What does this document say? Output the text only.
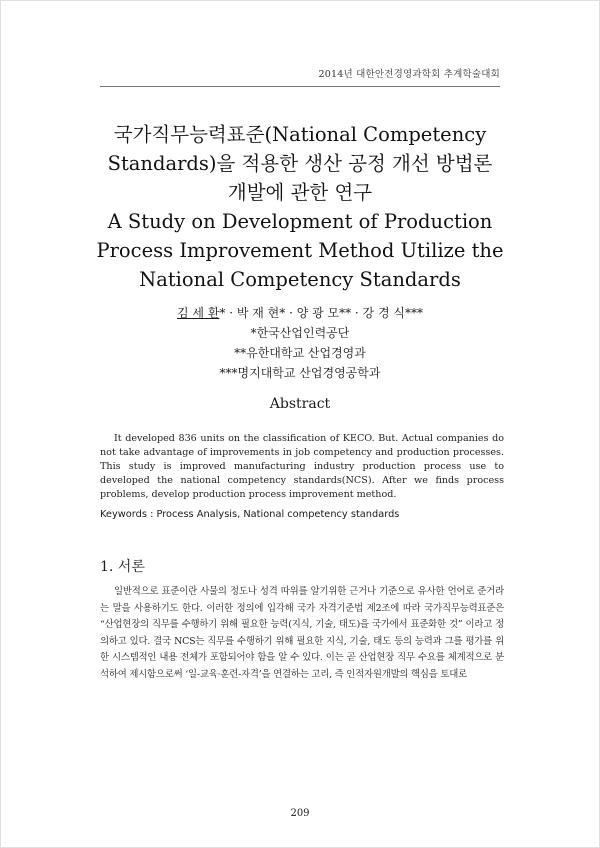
2014년 대한안전경영과학회 추계학술대회
국가직무능력표준(National Competency
Standards)을 적용한 생산 공정 개선 방법론
개발에 관한 연구
A Study on Development of Production
Process Improvement Method Utilize the
National Competency Standards
김 세 환* · 박 재 현* · 양 광 모** · 강 경 식***
*한국산업인력공단
**유한대학교 산업경영과
***명지대학교 산업경영공학과
Abstract
It developed 836 units on the classification of KECO. But. Actual companies do not take advantage of improvements in job competency and production processes. This study is improved manufacturing industry production process use to developed the national competency standards(NCS). After we finds process problems, develop production process improvement method.
Keywords : Process Analysis, National competency standards
1. 서론
일반적으로 표준이란 사물의 정도나 성격 따위를 알기위한 근거나 기준으로 유사한 언어로 준거라는 말을 사용하기도 한다. 이러한 정의에 입각해 국가 자격기준법 제2조에 따라 국가직무능력표준은 “산업현장의 직무를 수행하기 위해 필요한 능력(지식, 기술, 태도)을 국가에서 표준화한 것” 이라고 정의하고 있다. 결국 NCS는 직무를 수행하기 위해 필요한 지식, 기술, 태도 등의 능력과 그를 평가를 위한 시스템적인 내용 전체가 포함되어야 함을 알 수 있다. 이는 곧 산업현장 직무 수요를 체계적으로 분석하여 제시함으로써 ‘일-교육·훈련-자격’을 연결하는 고리, 즉 인적자원개발의 핵심을 토대로
209
